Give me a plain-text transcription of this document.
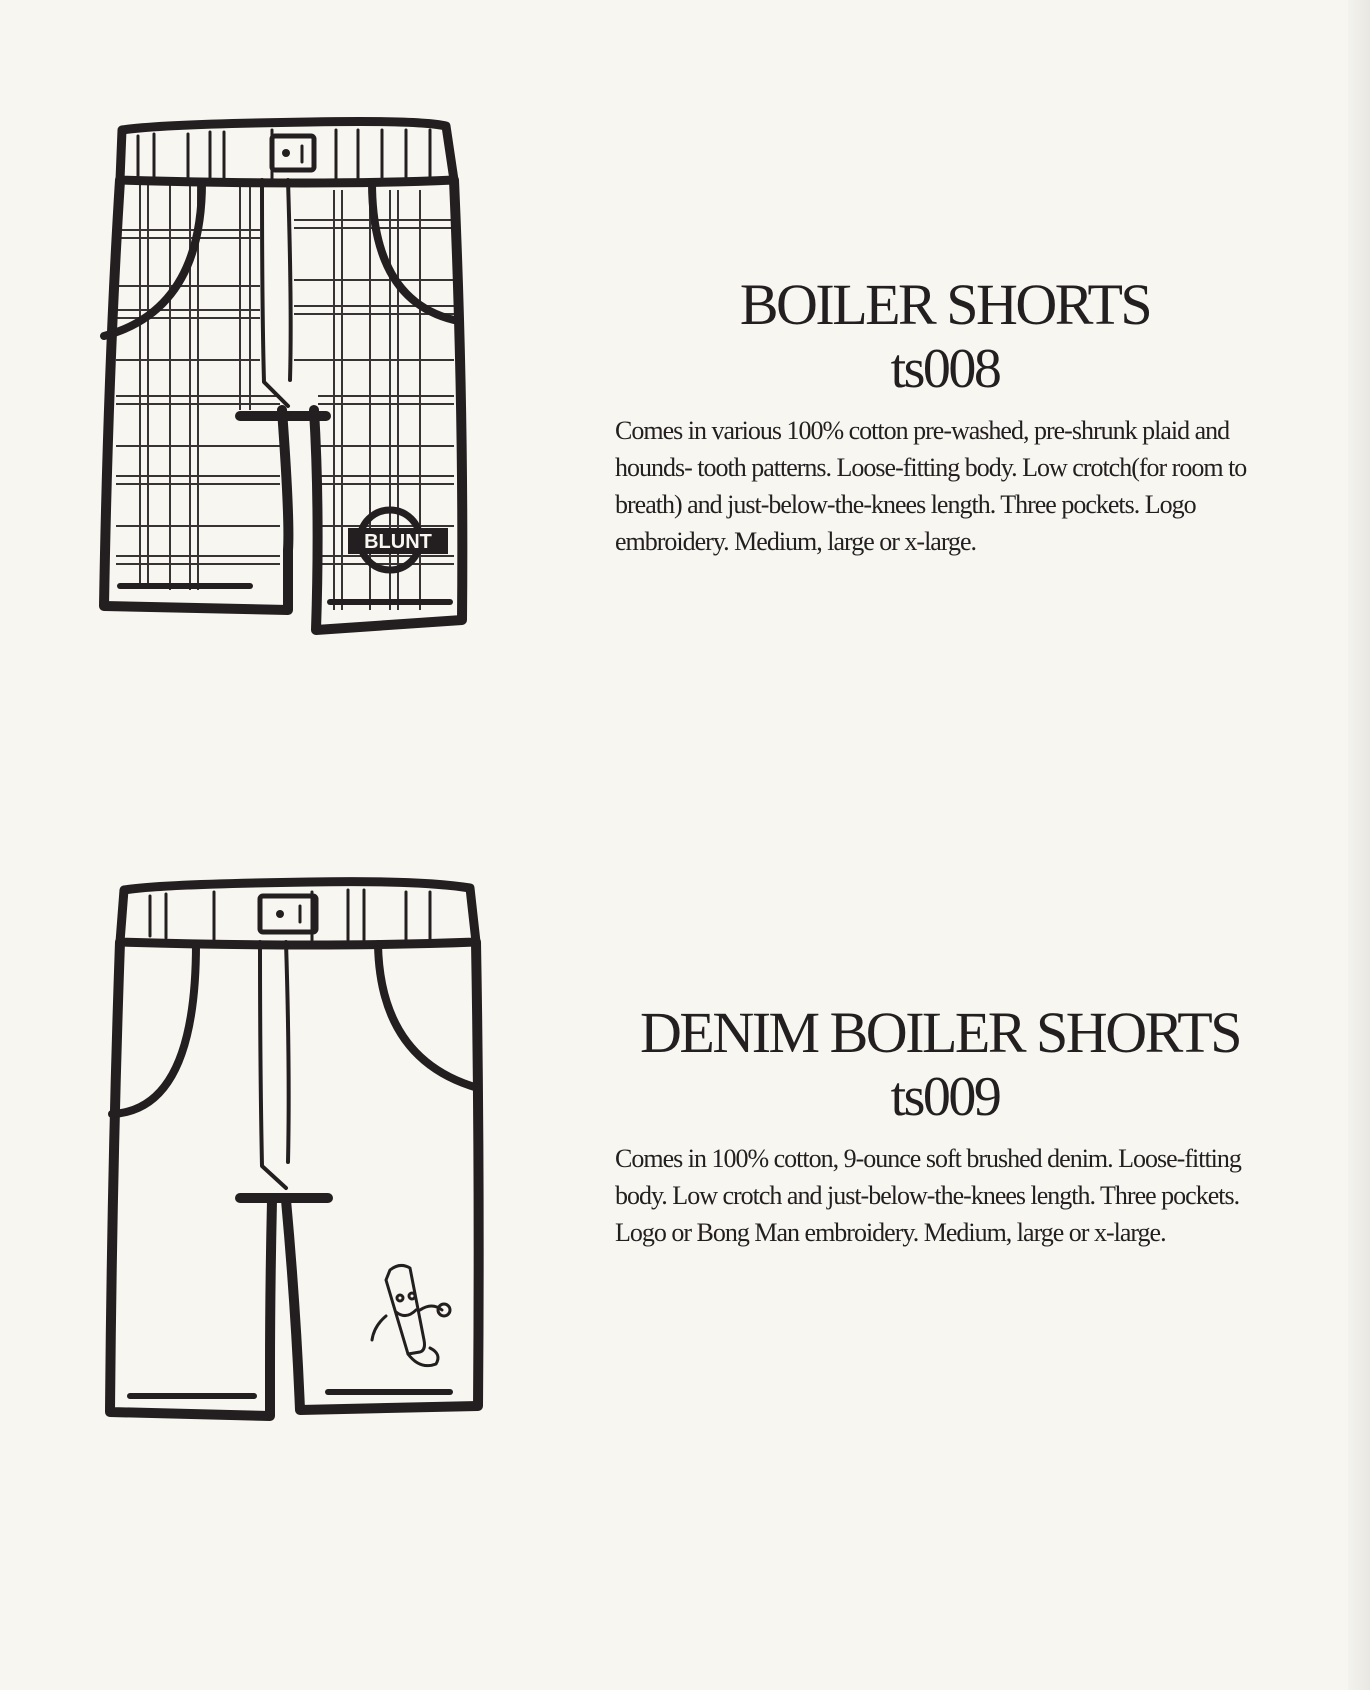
BLUNT
BOILER SHORTS
ts008

Comes in various 100% cotton pre-washed, pre-shrunk plaid and hounds- tooth patterns. Loose-fitting body. Low crotch(for room to breath) and just-below-the-knees length. Three pockets. Logo embroidery. Medium, large or x-large.

DENIM BOILER SHORTS
ts009

Comes in 100% cotton, 9-ounce soft brushed denim. Loose-fitting body. Low crotch and just-below-the-knees length. Three pockets. Logo or Bong Man embroidery. Medium, large or x-large.
